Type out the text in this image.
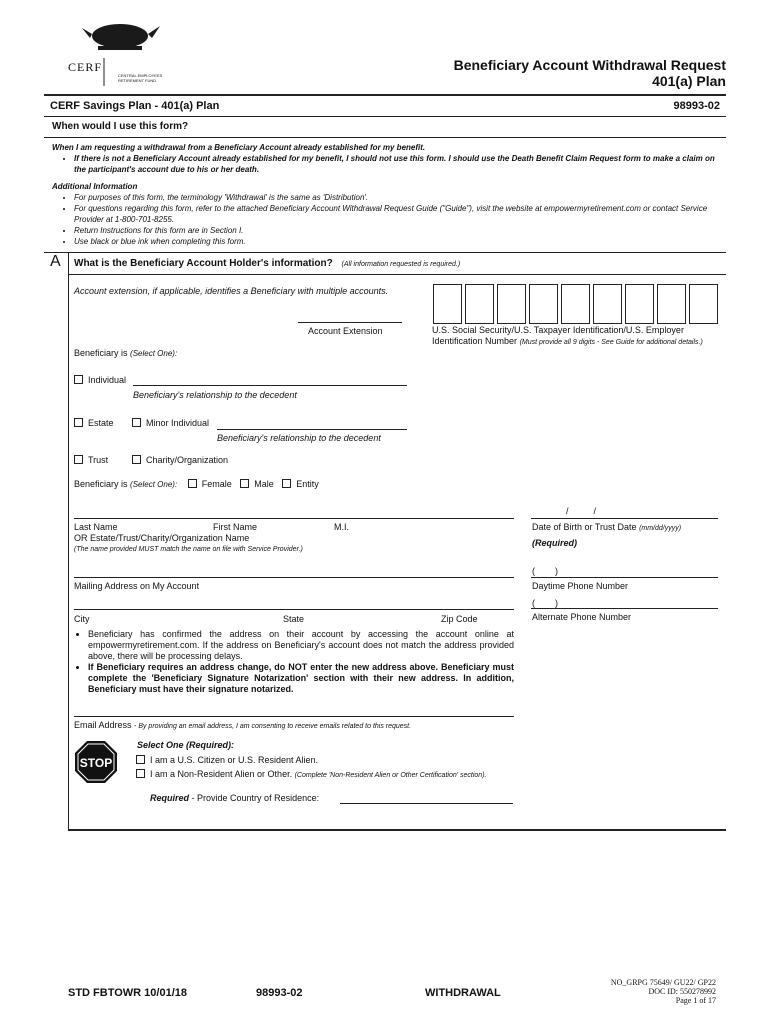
CERF
CENTRAL EMPLOYEES RETIREMENT FUND
Beneficiary Account Withdrawal Request
401(a) Plan
CERF Savings Plan - 401(a) Plan	98993-02
When would I use this form?
When I am requesting a withdrawal from a Beneficiary Account already established for my benefit.
• If there is not a Beneficiary Account already established for my benefit, I should not use this form. I should use the Death Benefit Claim Request form to make a claim on the participant's account due to his or her death.
Additional Information
• For purposes of this form, the terminology 'Withdrawal' is the same as 'Distribution'.
• For questions regarding this form, refer to the attached Beneficiary Account Withdrawal Request Guide ("Guide"), visit the website at empowermyretirement.com or contact Service Provider at 1-800-701-8255.
• Return Instructions for this form are in Section I.
• Use black or blue ink when completing this form.
A What is the Beneficiary Account Holder's information? (All information requested is required.)
Account extension, if applicable, identifies a Beneficiary with multiple accounts.
Account Extension	U.S. Social Security/U.S. Taxpayer Identification/U.S. Employer Identification Number (Must provide all 9 digits - See Guide for additional details.)
Beneficiary is (Select One):
Individual
Beneficiary's relationship to the decedent
Estate	Minor Individual
Beneficiary's relationship to the decedent
Trust	Charity/Organization
Beneficiary is (Select One):	Female	Male	Entity
Last Name	First Name	M.I.
OR Estate/Trust/Charity/Organization Name
(The name provided MUST match the name on file with Service Provider.)
/          /
Date of Birth or Trust Date (mm/dd/yyyy)
(Required)
Mailing Address on My Account
(        )
Daytime Phone Number
City	State	Zip Code
(        )
Alternate Phone Number
• Beneficiary has confirmed the address on their account by accessing the account online at empowermyretirement.com. If the address on Beneficiary's account does not match the address provided above, there will be processing delays.
• If Beneficiary requires an address change, do NOT enter the new address above. Beneficiary must complete the 'Beneficiary Signature Notarization' section with their new address. In addition, Beneficiary must have their signature notarized.
Email Address - By providing an email address, I am consenting to receive emails related to this request.
STOP
Select One (Required):
I am a U.S. Citizen or U.S. Resident Alien.
I am a Non-Resident Alien or Other. (Complete 'Non-Resident Alien or Other Certification' section).
Required - Provide Country of Residence:
STD FBTOWR 10/01/18	98993-02	WITHDRAWAL
NO_GRPG 75649/ GU22/ GP22
DOC ID: 550278992
Page 1 of 17
